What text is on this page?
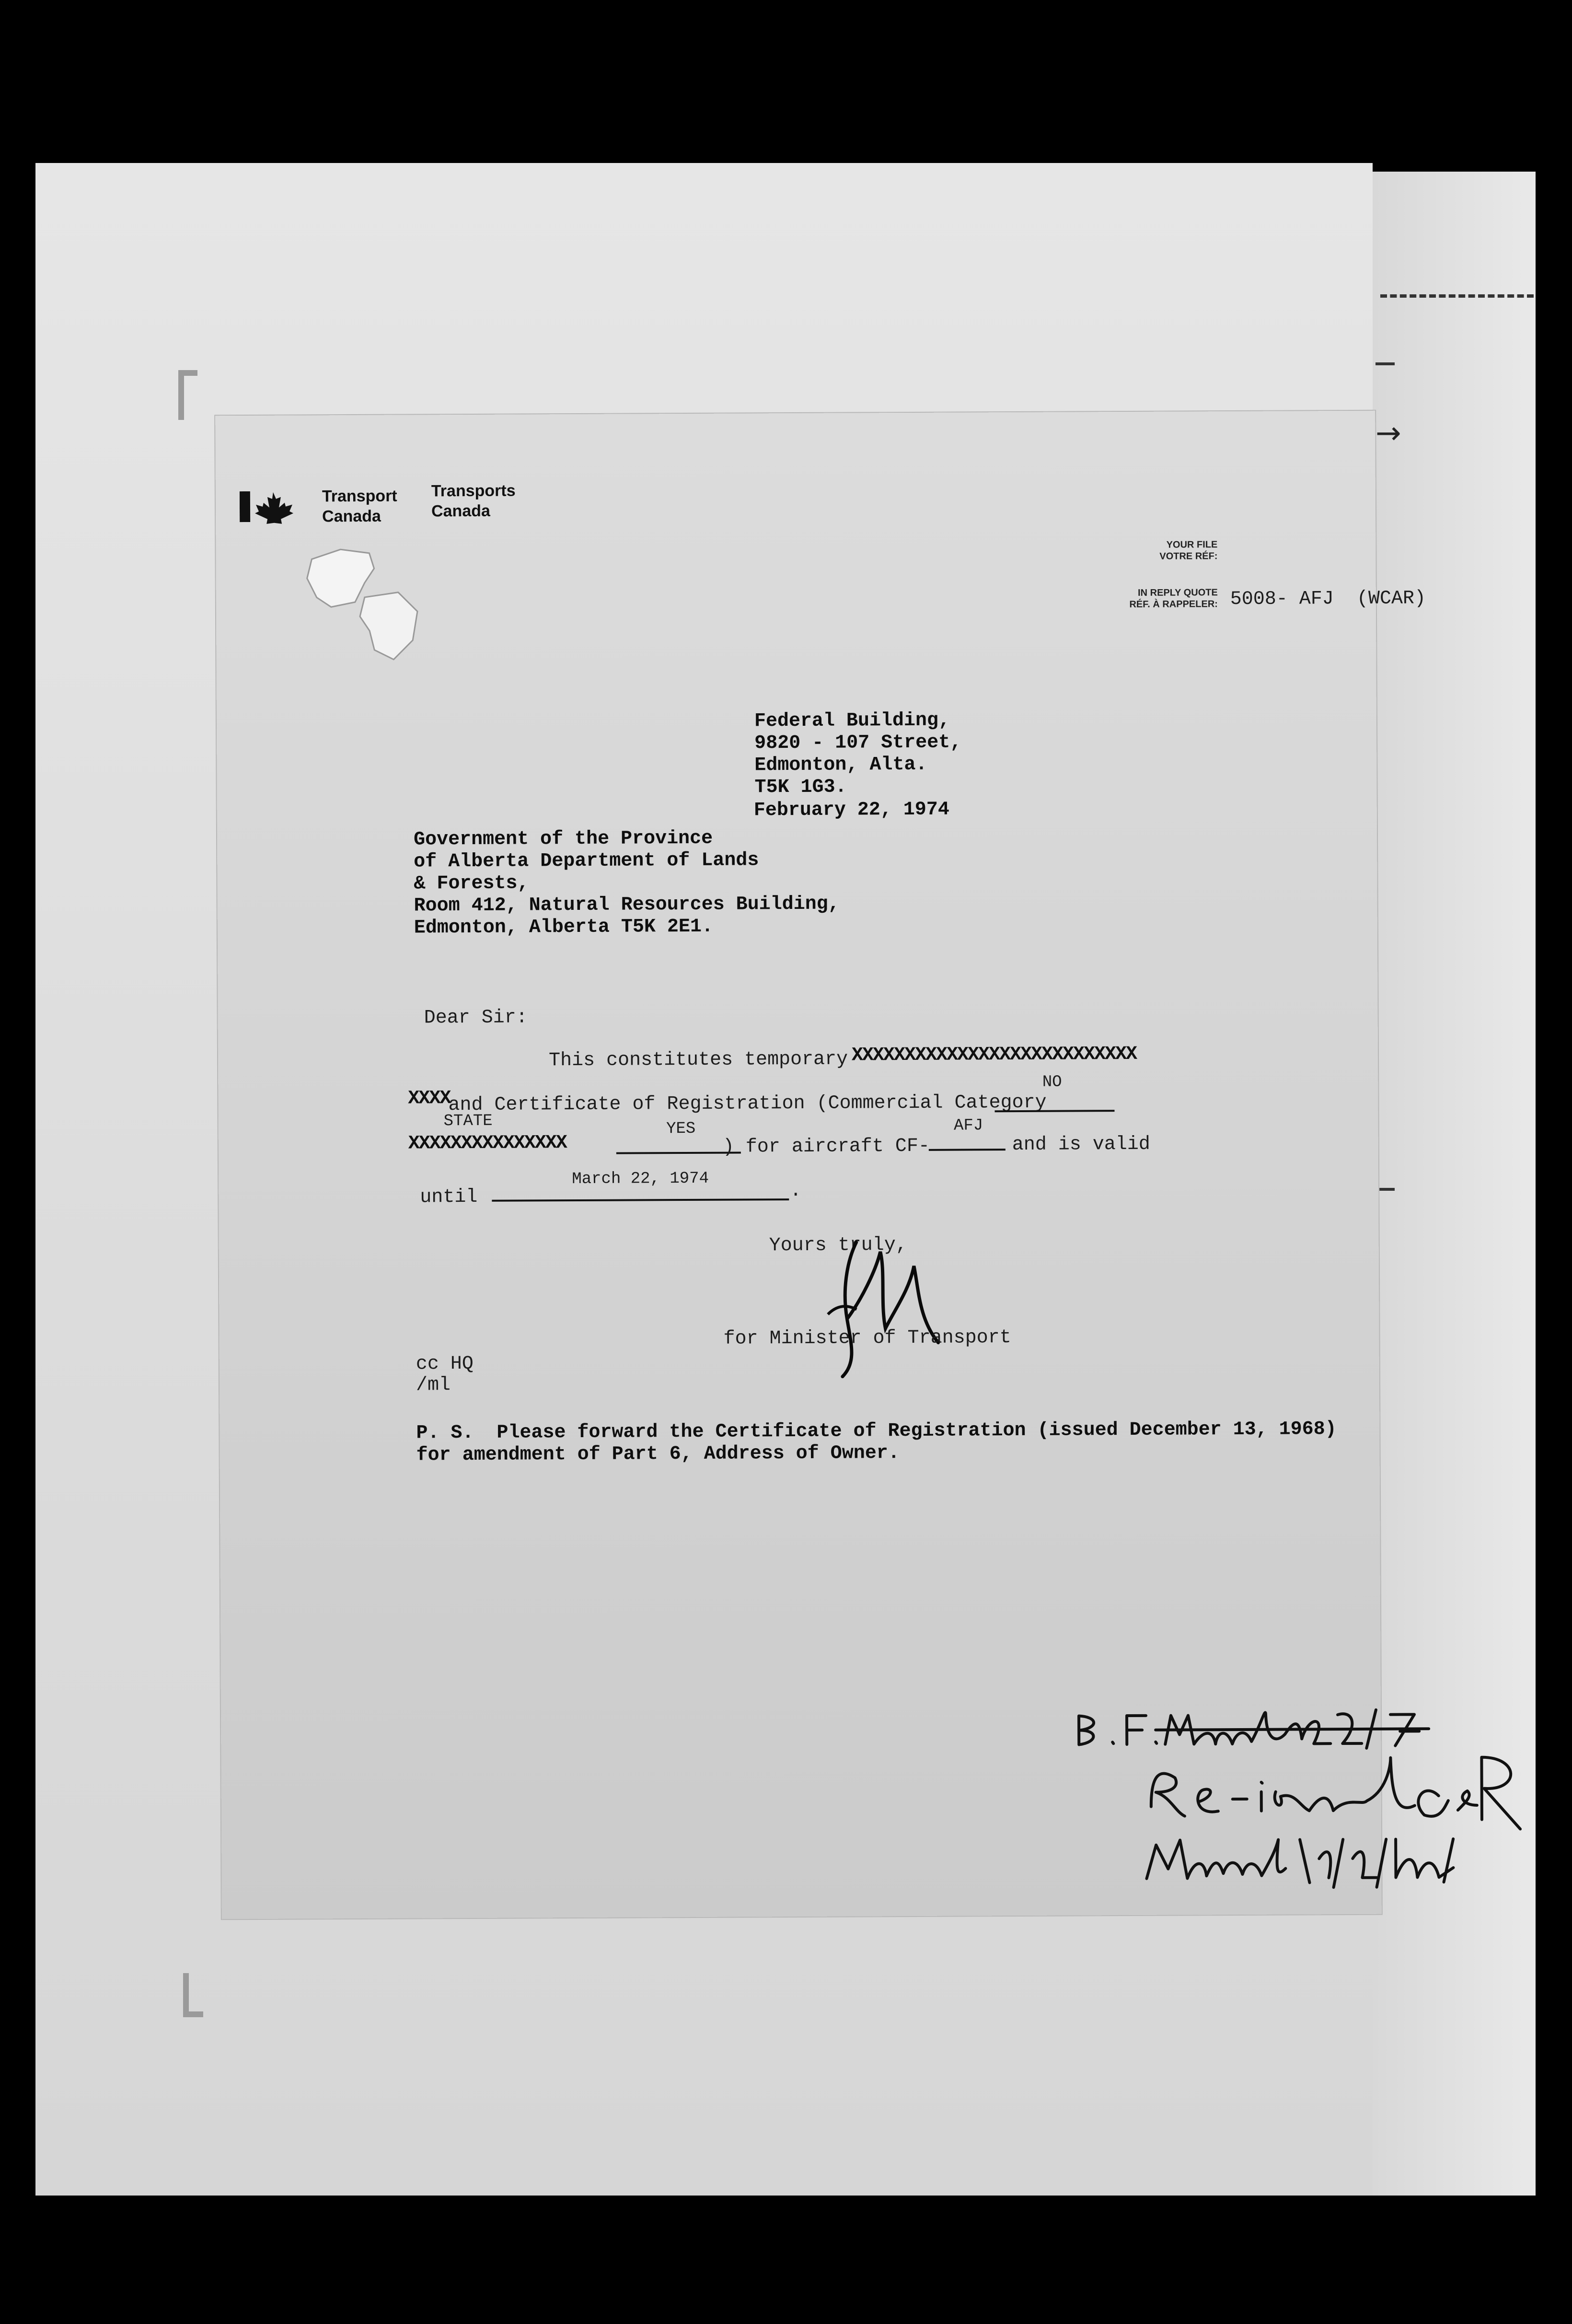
→
Transport
Canada
Transports
Canada
YOUR FILE
VOTRE RÉF:
IN REPLY QUOTE
RÉF. À RAPPELER: 5008- AFJ  (WCAR)
Federal Building,
9820 - 107 Street,
Edmonton, Alta.
T5K 1G3.
February 22, 1974
Government of the Province
of Alberta Department of Lands
& Forests,
Room 412, Natural Resources Building,
Edmonton, Alberta T5K 2E1.
Dear Sir:
This constitutes temporary XXXXXXXXXXXXXXXXXXXXXXXXXXX
XXXX
and Certificate of Registration (Commercial Category
NO
STATE
XXXXXXXXXXXXXXX
YES
) for aircraft CF-
AFJ
and is valid
until
March 22, 1974
.
Yours truly,
for Minister of Transport
cc HQ
/ml
P. S.  Please forward the Certificate of Registration (issued December 13, 1968)
for amendment of Part 6, Address of Owner.
